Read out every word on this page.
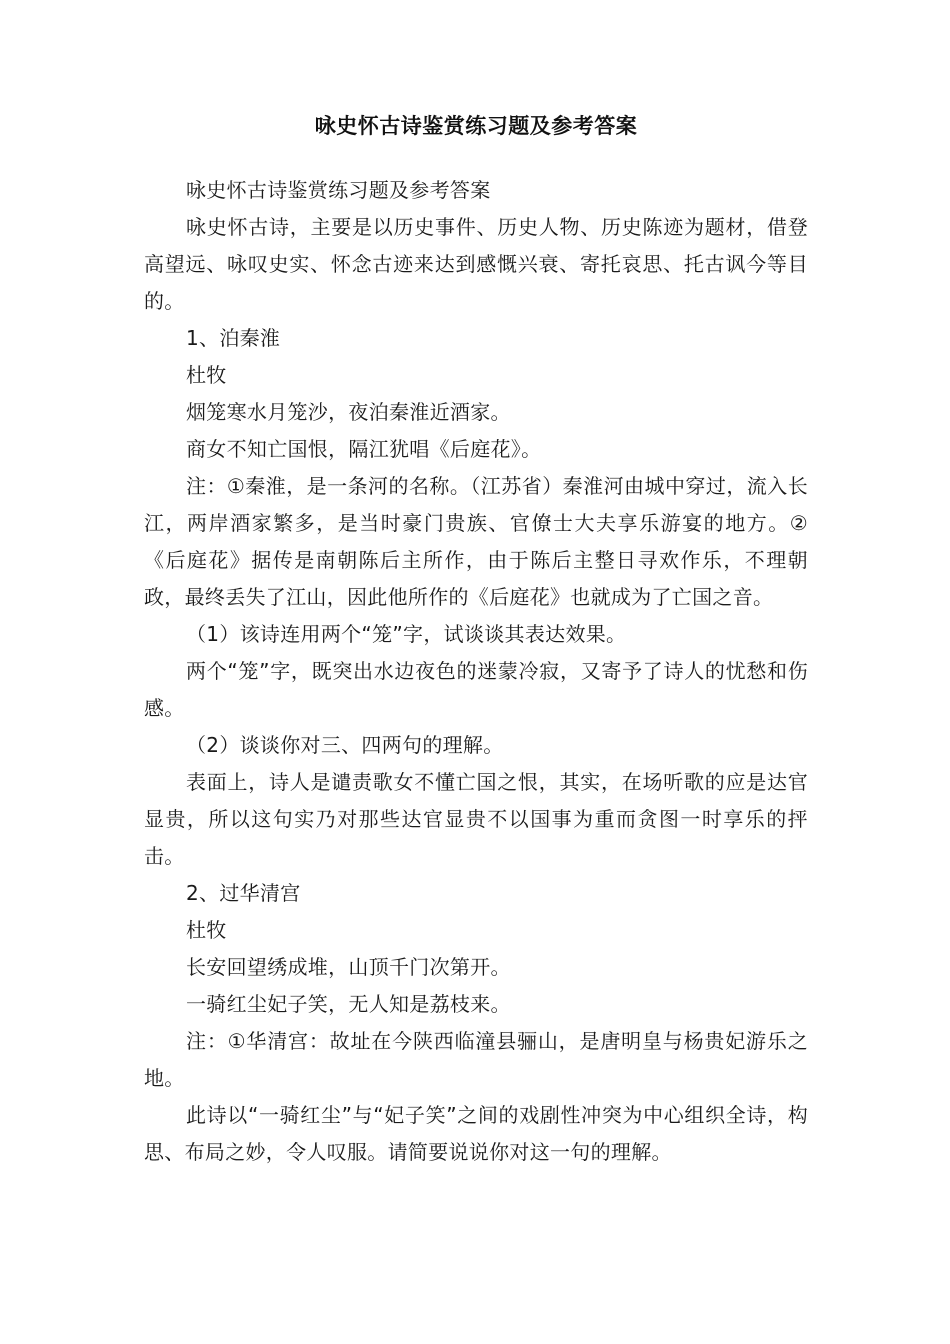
咏史怀古诗鉴赏练习题及参考答案

咏史怀古诗鉴赏练习题及参考答案

咏史怀古诗，主要是以历史事件、历史人物、历史陈迹为题材，借登高望远、咏叹史实、怀念古迹来达到感慨兴衰、寄托哀思、托古讽今等目的。

1、泊秦淮

杜牧

烟笼寒水月笼沙，夜泊秦淮近酒家。

商女不知亡国恨，隔江犹唱《后庭花》。

注：①秦淮，是一条河的名称。（江苏省）秦淮河由城中穿过，流入长江，两岸酒家繁多，是当时豪门贵族、官僚士大夫享乐游宴的地方。②《后庭花》据传是南朝陈后主所作，由于陈后主整日寻欢作乐，不理朝政，最终丢失了江山，因此他所作的《后庭花》也就成为了亡国之音。

（1）该诗连用两个“笼”字，试谈谈其表达效果。

两个“笼”字，既突出水边夜色的迷蒙冷寂，又寄予了诗人的忧愁和伤感。

（2）谈谈你对三、四两句的理解。

表面上，诗人是谴责歌女不懂亡国之恨，其实，在场听歌的应是达官显贵，所以这句实乃对那些达官显贵不以国事为重而贪图一时享乐的抨击。

2、过华清宫

杜牧

长安回望绣成堆，山顶千门次第开。

一骑红尘妃子笑，无人知是荔枝来。

注：①华清宫：故址在今陕西临潼县骊山，是唐明皇与杨贵妃游乐之地。

此诗以“一骑红尘”与“妃子笑”之间的戏剧性冲突为中心组织全诗，构思、布局之妙，令人叹服。请简要说说你对这一句的理解。
